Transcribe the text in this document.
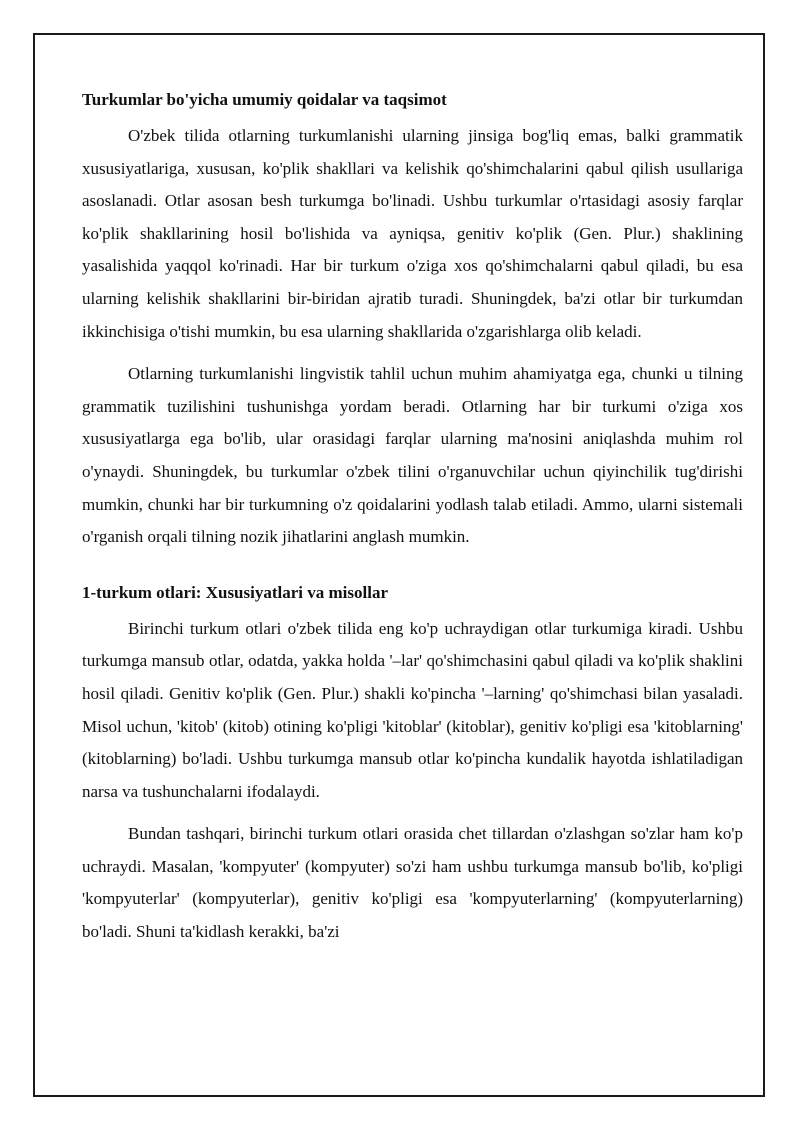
Turkumlar bo'yicha umumiy qoidalar va taqsimot

O'zbek tilida otlarning turkumlanishi ularning jinsiga bog'liq emas, balki grammatik xususiyatlariga, xususan, ko'plik shakllari va kelishik qo'shimchalarini qabul qilish usullariga asoslanadi. Otlar asosan besh turkumga bo'linadi. Ushbu turkumlar o'rtasidagi asosiy farqlar ko'plik shakllarining hosil bo'lishida va ayniqsa, genitiv ko'plik (Gen. Plur.) shaklining yasalishida yaqqol ko'rinadi. Har bir turkum o'ziga xos qo'shimchalarni qabul qiladi, bu esa ularning kelishik shakllarini bir-biridan ajratib turadi. Shuningdek, ba'zi otlar bir turkumdan ikkinchisiga o'tishi mumkin, bu esa ularning shakllarida o'zgarishlarga olib keladi.

Otlarning turkumlanishi lingvistik tahlil uchun muhim ahamiyatga ega, chunki u tilning grammatik tuzilishini tushunishga yordam beradi. Otlarning har bir turkumi o'ziga xos xususiyatlarga ega bo'lib, ular orasidagi farqlar ularning ma'nosini aniqlashda muhim rol o'ynaydi. Shuningdek, bu turkumlar o'zbek tilini o'rganuvchilar uchun qiyinchilik tug'dirishi mumkin, chunki har bir turkumning o'z qoidalarini yodlash talab etiladi. Ammo, ularni sistemali o'rganish orqali tilning nozik jihatlarini anglash mumkin.

1-turkum otlari: Xususiyatlari va misollar

Birinchi turkum otlari o'zbek tilida eng ko'p uchraydigan otlar turkumiga kiradi. Ushbu turkumga mansub otlar, odatda, yakka holda '–lar' qo'shimchasini qabul qiladi va ko'plik shaklini hosil qiladi. Genitiv ko'plik (Gen. Plur.) shakli ko'pincha '–larning' qo'shimchasi bilan yasaladi. Misol uchun, 'kitob' (kitob) otining ko'pligi 'kitoblar' (kitoblar), genitiv ko'pligi esa 'kitoblarning' (kitoblarning) bo'ladi. Ushbu turkumga mansub otlar ko'pincha kundalik hayotda ishlatiladigan narsa va tushunchalarni ifodalaydi.

Bundan tashqari, birinchi turkum otlari orasida chet tillardan o'zlashgan so'zlar ham ko'p uchraydi. Masalan, 'kompyuter' (kompyuter) so'zi ham ushbu turkumga mansub bo'lib, ko'pligi 'kompyuterlar' (kompyuterlar), genitiv ko'pligi esa 'kompyuterlarning' (kompyuterlarning) bo'ladi. Shuni ta'kidlash kerakki, ba'zi
